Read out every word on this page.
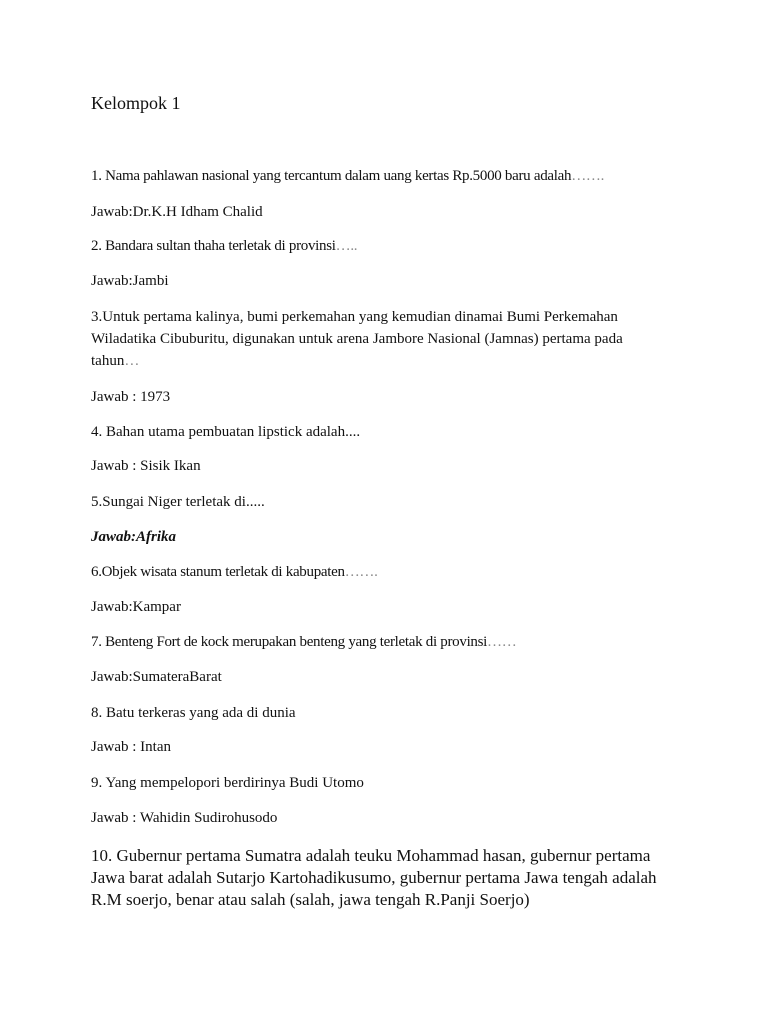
Kelompok 1

1. Nama pahlawan nasional yang tercantum dalam uang kertas Rp.5000 baru adalah…….

Jawab:Dr.K.H Idham Chalid

2. Bandara sultan thaha terletak di provinsi…..

Jawab:Jambi

3.Untuk pertama kalinya, bumi perkemahan yang kemudian dinamai Bumi Perkemahan

Wiladatika Cibuburitu, digunakan untuk arena Jambore Nasional (Jamnas) pertama pada

tahun…

Jawab : 1973

4. Bahan utama pembuatan lipstick adalah....

Jawab : Sisik Ikan

5.Sungai Niger terletak di.....

Jawab:Afrika

6.Objek wisata stanum terletak di kabupaten…….

Jawab:Kampar

7. Benteng Fort de kock merupakan benteng yang terletak di provinsi……

Jawab:SumateraBarat

8. Batu terkeras yang ada di dunia

Jawab : Intan

9. Yang mempelopori berdirinya Budi Utomo

Jawab : Wahidin Sudirohusodo

10. Gubernur pertama Sumatra adalah teuku Mohammad hasan, gubernur pertama

Jawa barat adalah Sutarjo Kartohadikusumo, gubernur pertama Jawa tengah adalah

R.M soerjo, benar atau salah (salah, jawa tengah R.Panji Soerjo)
